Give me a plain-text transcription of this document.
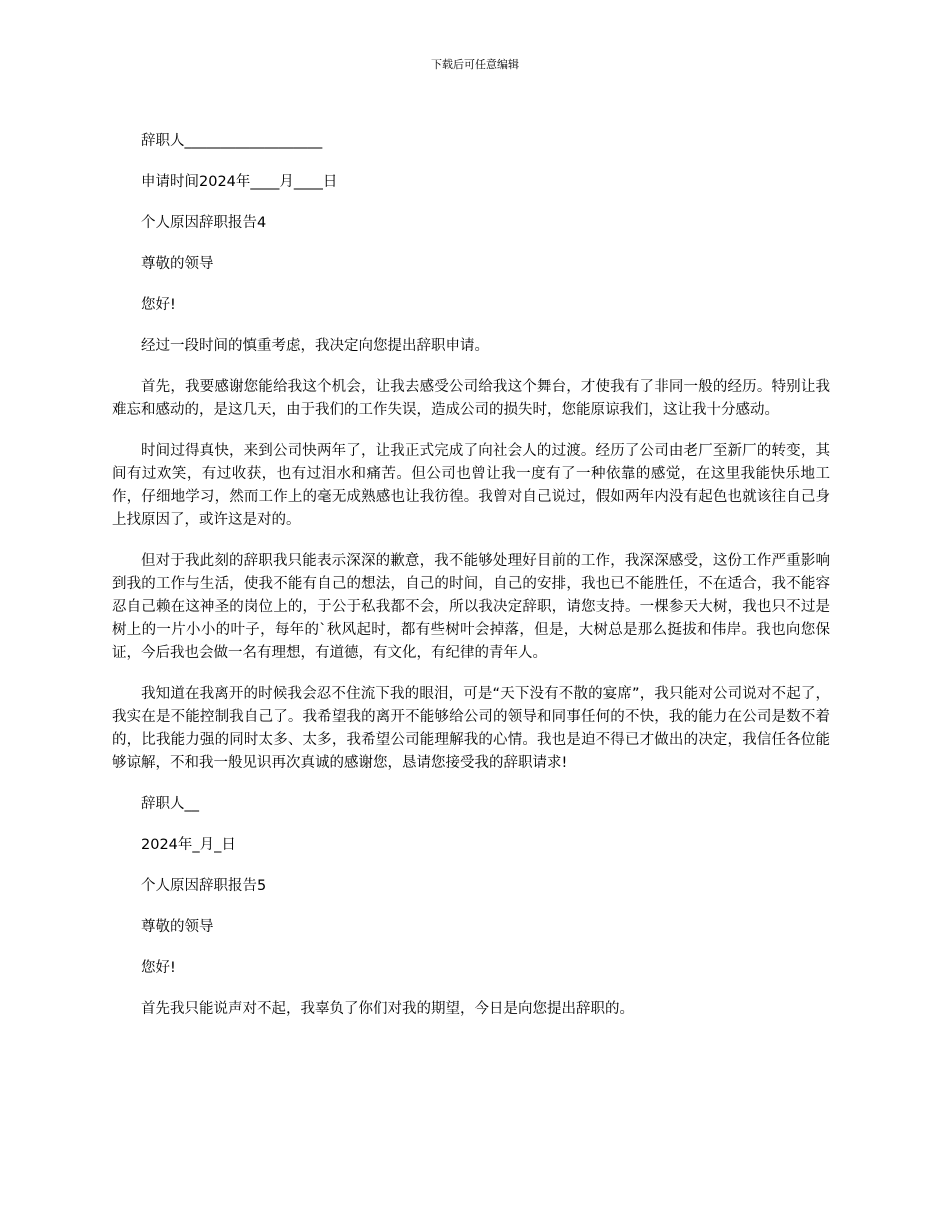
下载后可任意编辑

辞职人___________________

申请时间2024年____月____日

个人原因辞职报告4

尊敬的领导

您好!

经过一段时间的慎重考虑，我决定向您提出辞职申请。

首先，我要感谢您能给我这个机会，让我去感受公司给我这个舞台，才使我有了非同一般的经历。特别让我难忘和感动的，是这几天，由于我们的工作失误，造成公司的损失时，您能原谅我们，这让我十分感动。

时间过得真快，来到公司快两年了，让我正式完成了向社会人的过渡。经历了公司由老厂至新厂的转变，其间有过欢笑，有过收获，也有过泪水和痛苦。但公司也曾让我一度有了一种依靠的感觉，在这里我能快乐地工作，仔细地学习，然而工作上的毫无成熟感也让我彷徨。我曾对自己说过，假如两年内没有起色也就该往自己身上找原因了，或许这是对的。

但对于我此刻的辞职我只能表示深深的歉意，我不能够处理好目前的工作，我深深感受，这份工作严重影响到我的工作与生活，使我不能有自己的想法，自己的时间，自己的安排，我也已不能胜任，不在适合，我不能容忍自己赖在这神圣的岗位上的，于公于私我都不会，所以我决定辞职，请您支持。一棵参天大树，我也只不过是树上的一片小小的叶子，每年的`秋风起时，都有些树叶会掉落，但是，大树总是那么挺拔和伟岸。我也向您保证，今后我也会做一名有理想，有道德，有文化，有纪律的青年人。

我知道在我离开的时候我会忍不住流下我的眼泪，可是“天下没有不散的宴席”，我只能对公司说对不起了，我实在是不能控制我自己了。我希望我的离开不能够给公司的领导和同事任何的不快，我的能力在公司是数不着的，比我能力强的同时太多、太多，我希望公司能理解我的心情。我也是迫不得已才做出的决定，我信任各位能够谅解，不和我一般见识再次真诚的感谢您，恳请您接受我的辞职请求!

辞职人__

2024年_月_日

个人原因辞职报告5

尊敬的领导

您好!

首先我只能说声对不起，我辜负了你们对我的期望，今日是向您提出辞职的。
